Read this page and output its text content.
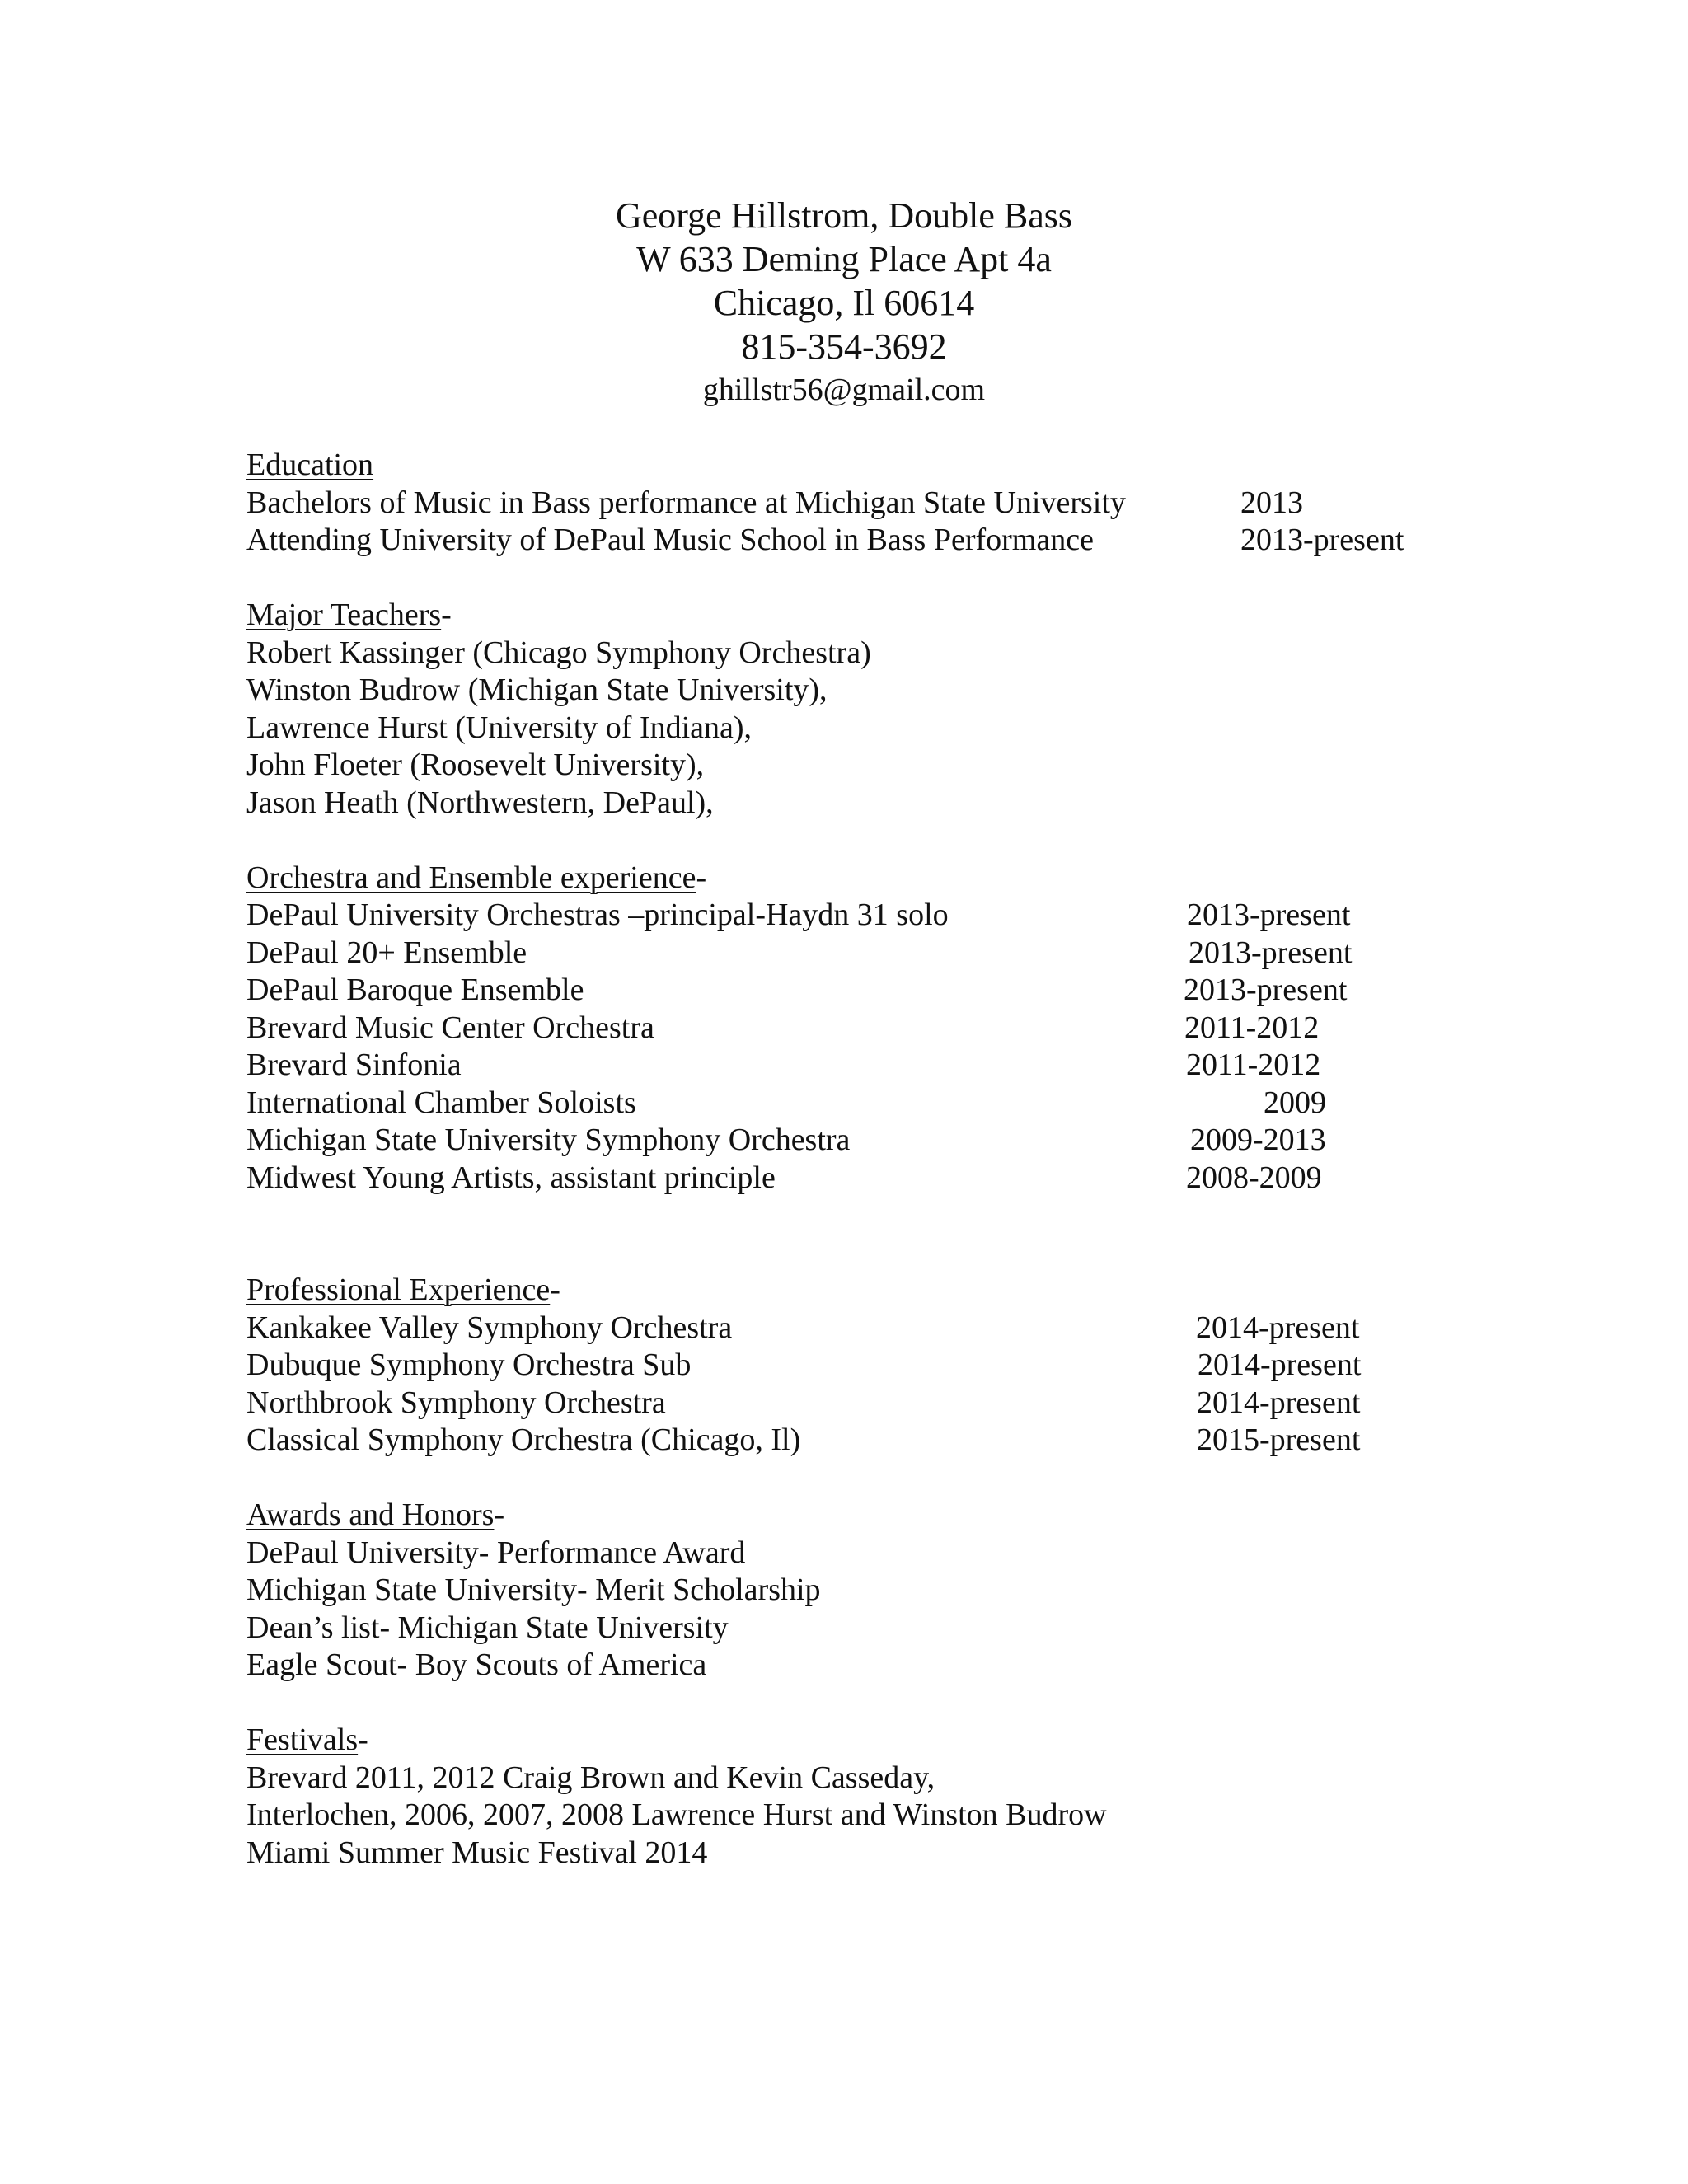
George Hillstrom, Double Bass
W 633 Deming Place Apt 4a
Chicago, Il 60614
815-354-3692
ghillstr56@gmail.com
Education
Bachelors of Music in Bass performance at Michigan State University	2013
Attending University of DePaul Music School in Bass Performance	2013-present
Major Teachers-
Robert Kassinger (Chicago Symphony Orchestra)
Winston Budrow (Michigan State University),
Lawrence Hurst (University of Indiana),
John Floeter (Roosevelt University),
Jason Heath (Northwestern, DePaul),
Orchestra and Ensemble experience-
DePaul University Orchestras –principal-Haydn 31 solo	2013-present
DePaul 20+ Ensemble	2013-present
DePaul Baroque Ensemble	2013-present
Brevard Music Center Orchestra	2011-2012
Brevard Sinfonia	2011-2012
International Chamber Soloists	2009
Michigan State University Symphony Orchestra	2009-2013
Midwest Young Artists, assistant principle	2008-2009
Professional Experience-
Kankakee Valley Symphony Orchestra	2014-present
Dubuque Symphony Orchestra Sub	2014-present
Northbrook Symphony Orchestra	2014-present
Classical Symphony Orchestra (Chicago, Il)	2015-present
Awards and Honors-
DePaul University- Performance Award
Michigan State University- Merit Scholarship
Dean’s list- Michigan State University
Eagle Scout- Boy Scouts of America
Festivals-
Brevard 2011, 2012 Craig Brown and Kevin Casseday,
Interlochen, 2006, 2007, 2008 Lawrence Hurst and Winston Budrow
Miami Summer Music Festival 2014
